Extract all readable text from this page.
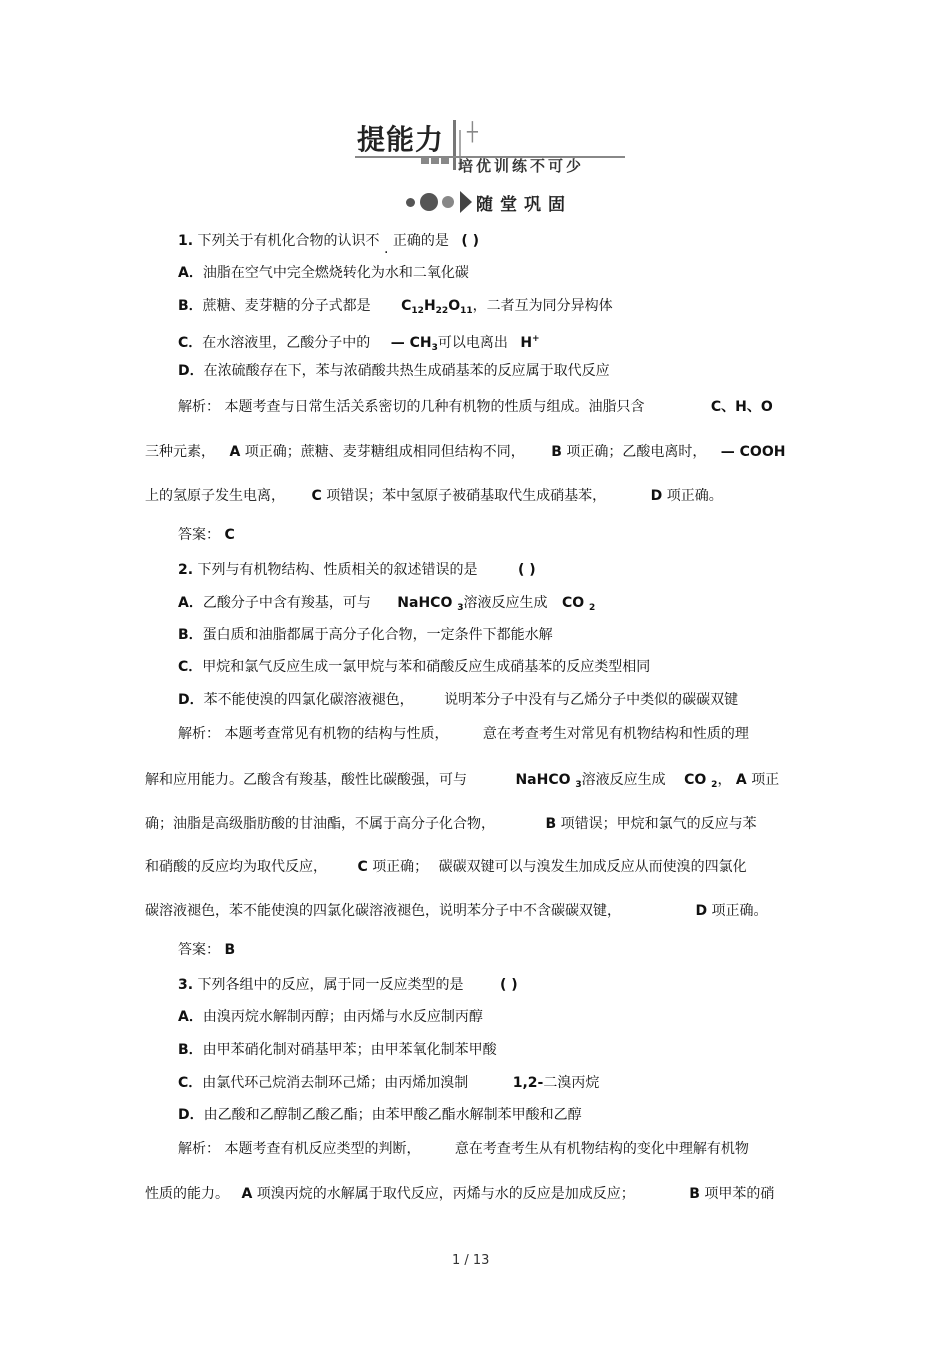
提能力 ┼
培优训练不可少
随堂巩固
1. 下列关于有机化合物的认识不 . 正确的是 ( )
A．油脂在空气中完全燃烧转化为水和二氧化碳
B．蔗糖、麦芽糖的分子式都是 $C_{12}H_{22}O_{11}$，二者互为同分异构体
C．在水溶液里，乙酸分子中的 — $CH_3$可以电离出 H+
D．在浓硫酸存在下，苯与浓硝酸共热生成硝基苯的反应属于取代反应
解析： 本题考查与日常生活关系密切的几种有机物的性质与组成。油脂只含	C、H、O
三种元素， A 项正确；蔗糖、麦芽糖组成相同但结构不同， B 项正确；乙酸电离时， — COOH
上的氢原子发生电离， C 项错误；苯中氢原子被硝基取代生成硝基苯，	D 项正确。
答案： C
2. 下列与有机物结构、性质相关的叙述错误的是	( )
A．乙酸分子中含有羧基，可与 NaHCO $_3$溶液反应生成 CO $_2$
B．蛋白质和油脂都属于高分子化合物，一定条件下都能水解
C．甲烷和氯气反应生成一氯甲烷与苯和硝酸反应生成硝基苯的反应类型相同
D．苯不能使溴的四氯化碳溶液褪色， 说明苯分子中没有与乙烯分子中类似的碳碳双键
解析： 本题考查常见有机物的结构与性质， 意在考查考生对常见有机物结构和性质的理
解和应用能力。乙酸含有羧基，酸性比碳酸强，可与	NaHCO $_3$溶液反应生成 CO $_2$， A 项正
确；油脂是高级脂肪酸的甘油酯，不属于高分子化合物，	B 项错误；甲烷和氯气的反应与苯
和硝酸的反应均为取代反应， C 项正确； 碳碳双键可以与溴发生加成反应从而使溴的四氯化
碳溶液褪色，苯不能使溴的四氯化碳溶液褪色，说明苯分子中不含碳碳双键，	D 项正确。
答案： B
3. 下列各组中的反应，属于同一反应类型的是	( )
A．由溴丙烷水解制丙醇；由丙烯与水反应制丙醇
B．由甲苯硝化制对硝基甲苯；由甲苯氧化制苯甲酸
C．由氯代环己烷消去制环己烯；由丙烯加溴制	1,2-二溴丙烷
D．由乙酸和乙醇制乙酸乙酯；由苯甲酸乙酯水解制苯甲酸和乙醇
解析： 本题考查有机反应类型的判断， 意在考查考生从有机物结构的变化中理解有机物
性质的能力。 A 项溴丙烷的水解属于取代反应，丙烯与水的反应是加成反应；	B 项甲苯的硝
1 / 13
